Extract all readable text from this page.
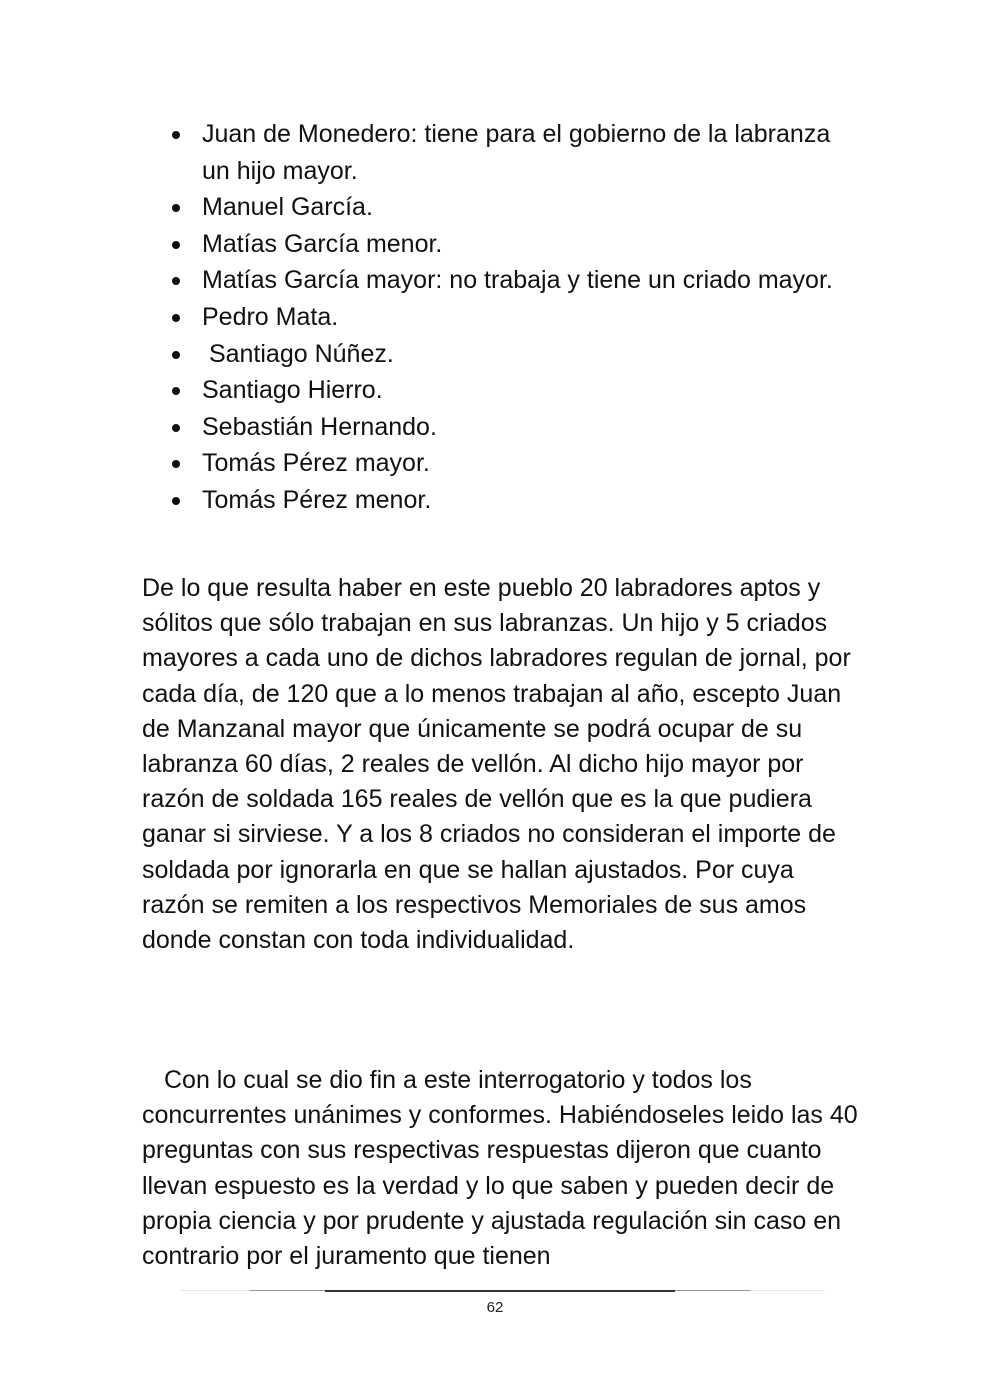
Juan de Monedero: tiene para el gobierno de la labranza un hijo mayor.
Manuel García.
Matías García menor.
Matías García mayor: no trabaja y tiene un criado mayor.
Pedro Mata.
Santiago Núñez.
Santiago Hierro.
Sebastián Hernando.
Tomás Pérez mayor.
Tomás Pérez menor.

De lo que resulta haber en este pueblo 20 labradores aptos y sólitos que sólo trabajan en sus labranzas. Un hijo y 5 criados mayores a cada uno de dichos labradores regulan de jornal, por cada día, de 120 que a lo menos trabajan al año, escepto Juan de Manzanal mayor que únicamente se podrá ocupar de su labranza 60 días, 2 reales de vellón. Al dicho hijo mayor por razón de soldada 165 reales de vellón que es la que pudiera ganar si sirviese. Y a los 8 criados no consideran el importe de soldada por ignorarla en que se hallan ajustados. Por cuya razón se remiten a los respectivos Memoriales de sus amos donde constan con toda individualidad.

Con lo cual se dio fin a este interrogatorio y todos los concurrentes unánimes y conformes. Habiéndoseles leido las 40 preguntas con sus respectivas respuestas dijeron que cuanto llevan espuesto es la verdad y lo que saben y pueden decir de propia ciencia y por prudente y ajustada regulación sin caso en contrario por el juramento que tienen

62
